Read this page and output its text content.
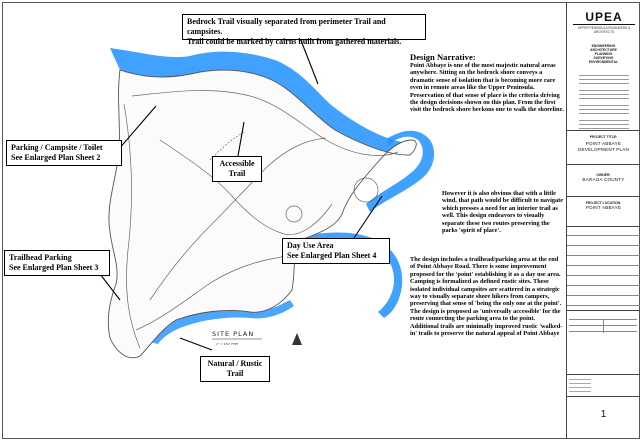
SITE PLAN
1" = 150' FEET
Bedrock Trail visually separated from perimeter Trail and campsites.
Trail could be marked by cairns built from gathered materials.
Parking / Campsite / Toilet
See Enlarged Plan Sheet 2
Accessible
Trail
Day Use Area
See Enlarged Plan Sheet 4
Trailhead Parking
See Enlarged Plan Sheet 3
Natural / Rustic
Trail
Design Narrative:
Point Abbaye is one of the most majestic natural areas anywhere. Sitting on the bedrock shore conveys a dramatic sense of isolation that is becoming more rare even in remote areas like the Upper Peninsula. Preservation of that sense of place is the criteria driving the design decisions shown on this plan. From the first visit the bedrock shore beckons one to walk the shoreline.
However it is also obvious that with a little wind, that path would be difficult to navigate which presses a need for an interior trail as well. This design endeavors to visually separate these two routes preserving the parks 'spirit of place'.
The design includes a trailhead/parking area at the end of Point Abbaye Road. There is some improvement proposed for the 'point' establishing it as a day use area. Camping is formalized as defined rustic sites. These isolated individual campsites are scattered in a strategic way to visually separate shore hikers from campers, preserving that sense of 'being the only one at the point'. The design is proposed as 'universally accessible' for the route connecting the parking area to the point. Additional trails are minimally improved rustic 'walked-in' trails to preserve the natural appeal of Point Abbaye
UPEA
UPPER PENINSULA ENGINEERS & ARCHITECTS
ENGINEERING
ARCHITECTURE
PLANNING
SURVEYING
ENVIRONMENTAL
PROJECT TITLE:
POINT ABBAYE DEVELOPMENT PLAN
OWNER:
BARAGA COUNTY
PROJECT LOCATION:
POINT ABBAYE
1
